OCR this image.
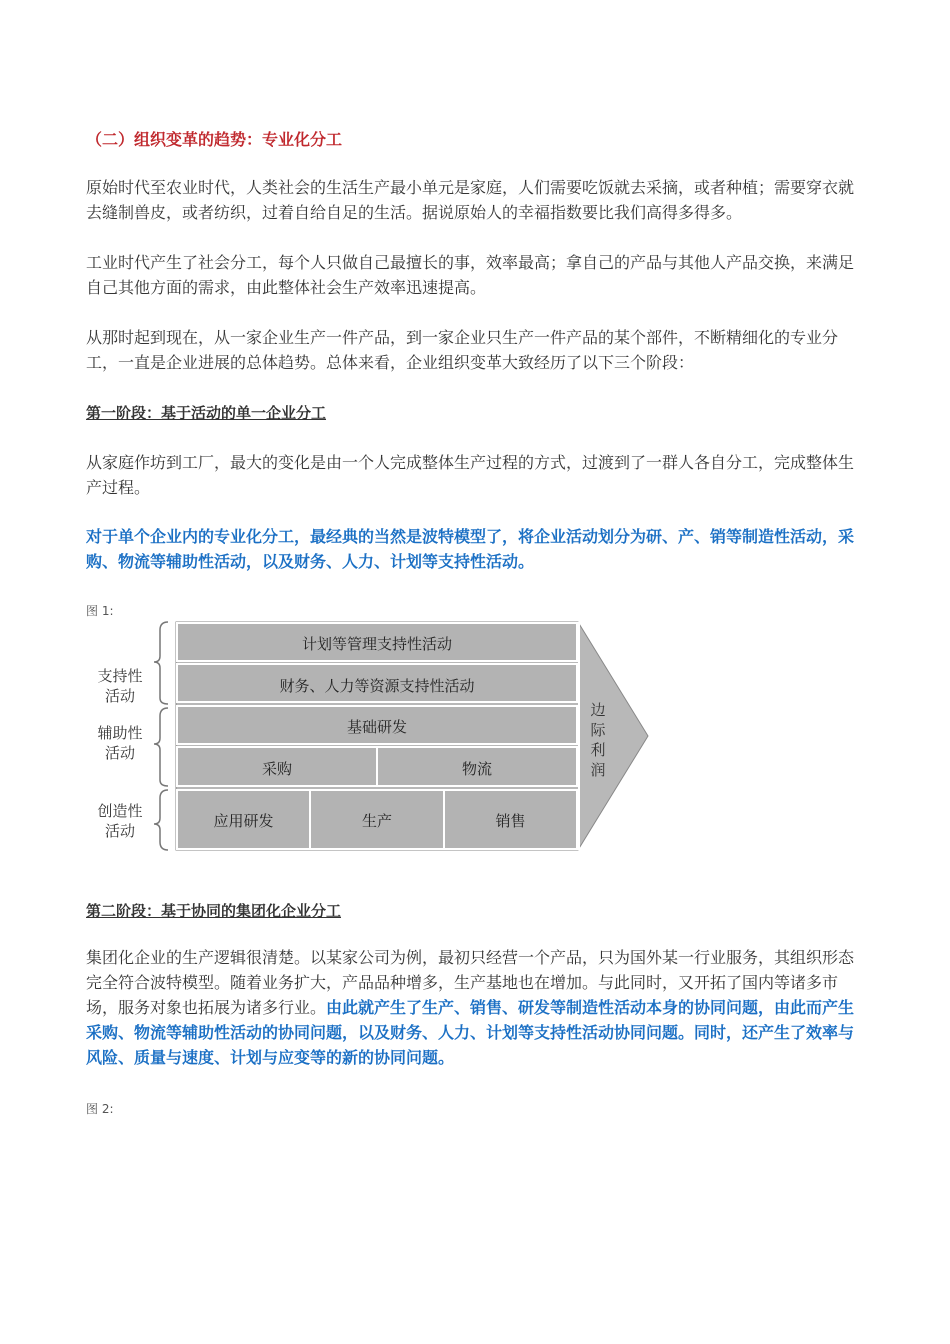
（二）组织变革的趋势：专业化分工

原始时代至农业时代，人类社会的生活生产最小单元是家庭，人们需要吃饭就去采摘，或者种植；需要穿衣就去缝制兽皮，或者纺织，过着自给自足的生活。据说原始人的幸福指数要比我们高得多得多。

工业时代产生了社会分工，每个人只做自己最擅长的事，效率最高；拿自己的产品与其他人产品交换，来满足自己其他方面的需求，由此整体社会生产效率迅速提高。

从那时起到现在，从一家企业生产一件产品，到一家企业只生产一件产品的某个部件，不断精细化的专业分工，一直是企业进展的总体趋势。总体来看，企业组织变革大致经历了以下三个阶段：

第一阶段：基于活动的单一企业分工

从家庭作坊到工厂，最大的变化是由一个人完成整体生产过程的方式，过渡到了一群人各自分工，完成整体生产过程。

对于单个企业内的专业化分工，最经典的当然是波特模型了，将企业活动划分为研、产、销等制造性活动，采购、物流等辅助性活动，以及财务、人力、计划等支持性活动。

图 1:
第二阶段：基于协同的集团化企业分工

集团化企业的生产逻辑很清楚。以某家公司为例，最初只经营一个产品，只为国外某一行业服务，其组织形态完全符合波特模型。随着业务扩大，产品品种增多，生产基地也在增加。与此同时，又开拓了国内等诸多市场，服务对象也拓展为诸多行业。由此就产生了生产、销售、研发等制造性活动本身的协同问题，由此而产生采购、物流等辅助性活动的协同问题，以及财务、人力、计划等支持性活动协同问题。同时，还产生了效率与风险、质量与速度、计划与应变等的新的协同问题。

图 2:
支持性
活动
辅助性
活动
创造性
活动
计划等管理支持性活动
财务、人力等资源支持性活动
基础研发
采购	物流
应用研发	生产	销售
边际利润
